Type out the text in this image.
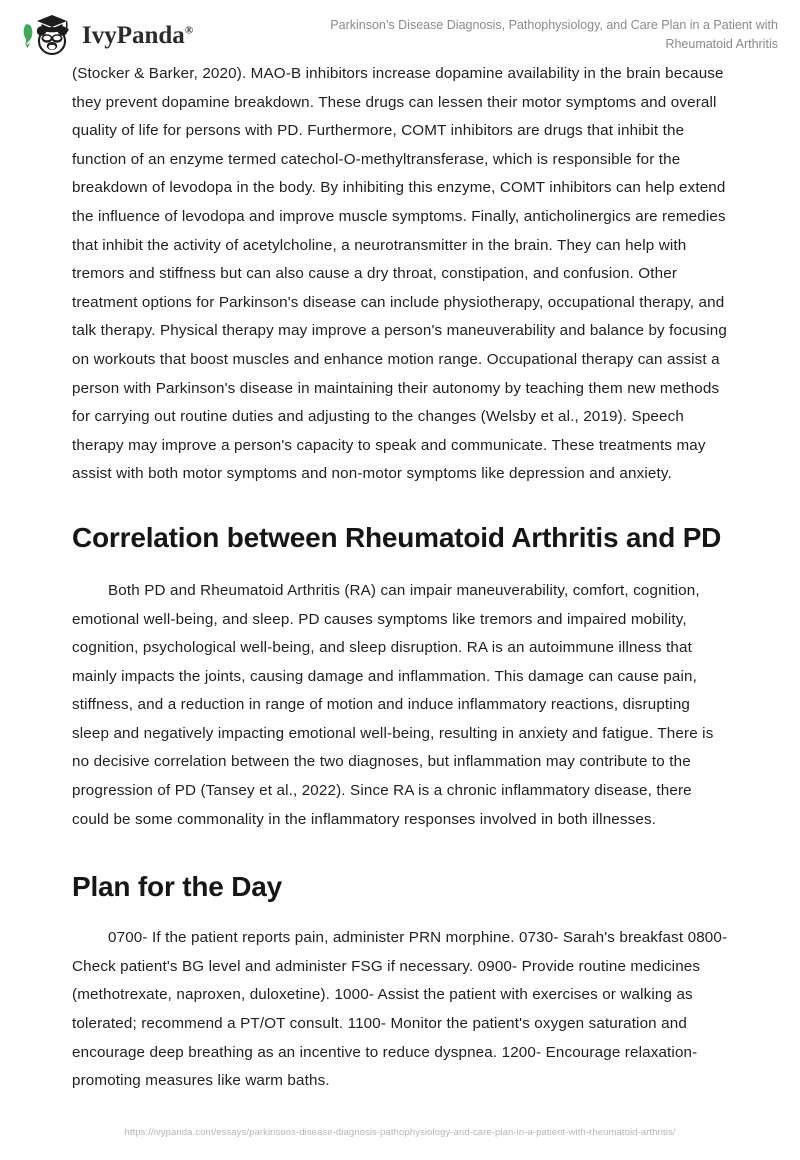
IvyPanda®	Parkinson’s Disease Diagnosis, Pathophysiology, and Care Plan in a Patient with Rheumatoid Arthritis

(Stocker & Barker, 2020). MAO-B inhibitors increase dopamine availability in the brain because they prevent dopamine breakdown. These drugs can lessen their motor symptoms and overall quality of life for persons with PD. Furthermore, COMT inhibitors are drugs that inhibit the function of an enzyme termed catechol-O-methyltransferase, which is responsible for the breakdown of levodopa in the body. By inhibiting this enzyme, COMT inhibitors can help extend the influence of levodopa and improve muscle symptoms. Finally, anticholinergics are remedies that inhibit the activity of acetylcholine, a neurotransmitter in the brain. They can help with tremors and stiffness but can also cause a dry throat, constipation, and confusion. Other treatment options for Parkinson's disease can include physiotherapy, occupational therapy, and talk therapy. Physical therapy may improve a person's maneuverability and balance by focusing on workouts that boost muscles and enhance motion range. Occupational therapy can assist a person with Parkinson's disease in maintaining their autonomy by teaching them new methods for carrying out routine duties and adjusting to the changes (Welsby et al., 2019). Speech therapy may improve a person's capacity to speak and communicate. These treatments may assist with both motor symptoms and non-motor symptoms like depression and anxiety.

Correlation between Rheumatoid Arthritis and PD

Both PD and Rheumatoid Arthritis (RA) can impair maneuverability, comfort, cognition, emotional well-being, and sleep. PD causes symptoms like tremors and impaired mobility, cognition, psychological well-being, and sleep disruption. RA is an autoimmune illness that mainly impacts the joints, causing damage and inflammation. This damage can cause pain, stiffness, and a reduction in range of motion and induce inflammatory reactions, disrupting sleep and negatively impacting emotional well-being, resulting in anxiety and fatigue. There is no decisive correlation between the two diagnoses, but inflammation may contribute to the progression of PD (Tansey et al., 2022). Since RA is a chronic inflammatory disease, there could be some commonality in the inflammatory responses involved in both illnesses.

Plan for the Day

0700- If the patient reports pain, administer PRN morphine. 0730- Sarah's breakfast 0800- Check patient's BG level and administer FSG if necessary. 0900- Provide routine medicines (methotrexate, naproxen, duloxetine). 1000- Assist the patient with exercises or walking as tolerated; recommend a PT/OT consult. 1100- Monitor the patient's oxygen saturation and encourage deep breathing as an incentive to reduce dyspnea. 1200- Encourage relaxation-promoting measures like warm baths.

https://ivypanda.com/essays/parkinsons-disease-diagnosis-pathophysiology-and-care-plan-in-a-patient-with-rheumatoid-arthritis/
